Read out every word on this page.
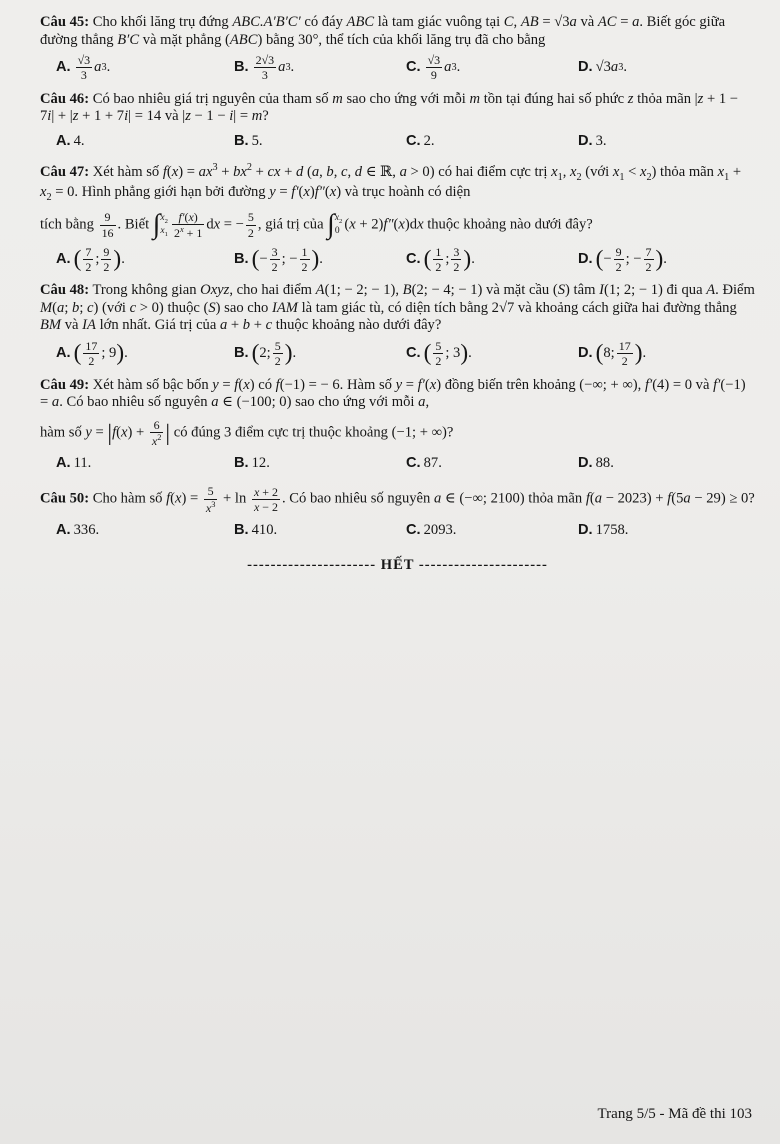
Câu 45: Cho khối lăng trụ đứng ABC.A′B′C′ có đáy ABC là tam giác vuông tại C, AB = √3a và AC = a. Biết góc giữa đường thẳng B′C và mặt phẳng (ABC) bằng 30°, thể tích của khối lăng trụ đã cho bằng

A. $\frac{√3}{3}$ a 3 .	B. $\frac{2√3}{3}$ a 3 .	C. $\frac{√3}{9}$ a 3 .	D. √3 a 3 .

Câu 46: Có bao nhiêu giá trị nguyên của tham số m sao cho ứng với mỗi m tồn tại đúng hai số phức z thỏa mãn |z + 1 − 7i| + |z + 1 + 7i| = 14 và |z − 1 − i| = m?

A. 4.	B. 5.	C. 2.	D. 3.

Câu 47: Xét hàm số $f(x) = ax^3 + bx^2$ + cx + d (a, b, c, d ∈ ℝ, a > 0) có hai điểm cực trị $x_1$, $x_2$ (với $x_1 < x_2$) thỏa mãn $x_1 + x_2 = 0$. Hình phẳng giới hạn bởi đường y = f′(x)f″(x) và trục hoành có diện

tích bằng $\frac{9}{16}$ . Biết ∫ $x_2$
$x_1 \frac{f'(x)}{2^x + 1}$ dx = − $\frac{5}{2}$ , giá trị của ∫ $x_2$
0 (x + 2)f″(x)dx thuộc khoảng nào dưới đây?

A. ( $\frac{7}{2}$ ; $\frac{9}{2}$ ) .	B. ( − $\frac{3}{2}$ ; − $\frac{1}{2}$ ) .	C. ( $\frac{1}{2}$ ; $\frac{3}{2}$ ) .	D. ( − $\frac{9}{2}$ ; − $\frac{7}{2}$ ) .

Câu 48: Trong không gian Oxyz, cho hai điểm A(1; − 2; − 1), B(2; − 4; − 1) và mặt cầu (S) tâm I(1; 2; − 1) đi qua A. Điểm M(a; b; c) (với c > 0) thuộc (S) sao cho IAM là tam giác tù, có diện tích bằng 2√7 và khoảng cách giữa hai đường thẳng BM và IA lớn nhất. Giá trị của a + b + c thuộc khoảng nào dưới đây?

A. ( $\frac{17}{2}$ ; 9 ) .	B. ( 2; $\frac{5}{2}$ ) .	C. ( $\frac{5}{2}$ ; 3 ) .	D. ( 8; $\frac{17}{2}$ ) .

Câu 49: Xét hàm số bậc bốn y = f(x) có f(−1) = − 6. Hàm số y = f′(x) đồng biến trên khoảng (−∞; + ∞), f′(4) = 0 và f′(−1) = a. Có bao nhiêu số nguyên a ∈ (−100; 0) sao cho ứng với mỗi a,

hàm số $y = |f(x) + \frac{6}{x^2}$ | có đúng 3 điểm cực trị thuộc khoảng (−1; + ∞)?

A. 11.	B. 12.	C. 87.	D. 88.

Câu 50: Cho hàm số $f(x) = \frac{5}{x^3} + \ln \frac{x + 2}{x - 2}$ . Có bao nhiêu số nguyên a ∈ (−∞; 2100) thỏa mãn f(a − 2023) + f(5a − 29) ≥ 0?

A. 336.	B. 410.	C. 2093.	D. 1758.
---------------------- HẾT ----------------------
Trang 5/5 - Mã đề thi 103
